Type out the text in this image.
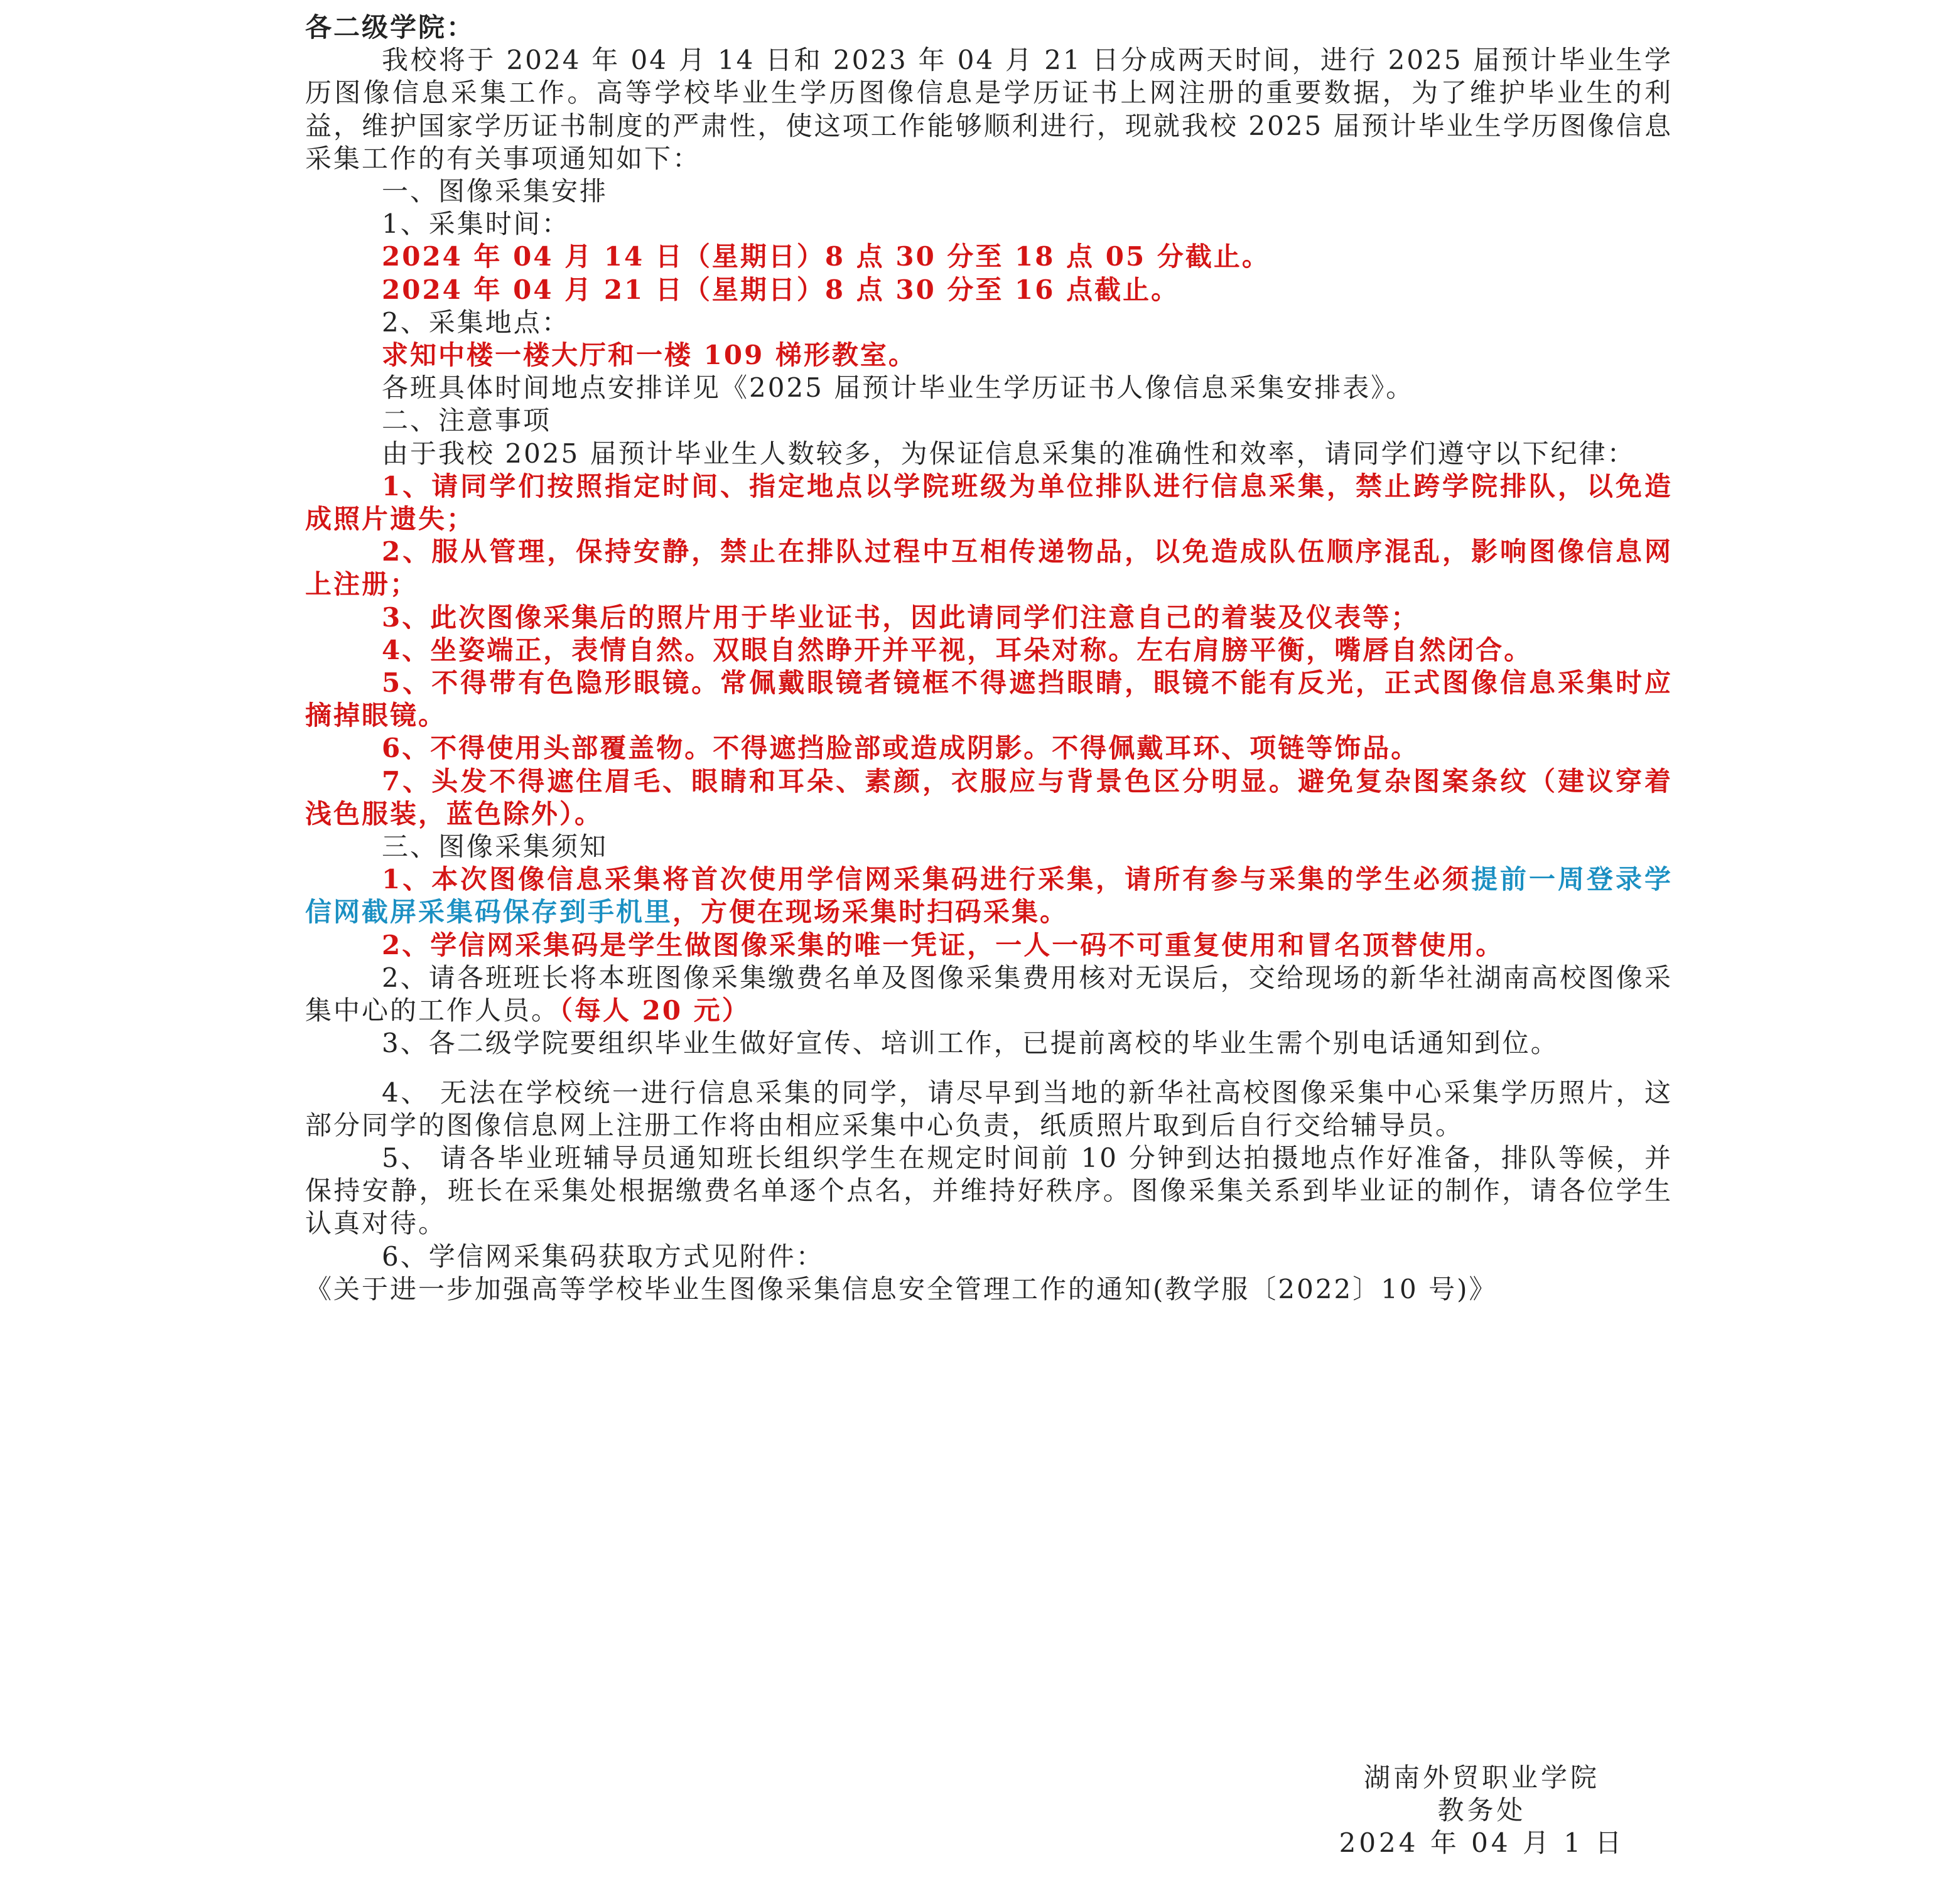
各二级学院：

我校将于 2024 年 04 月 14 日和 2023 年 04 月 21 日分成两天时间，进行 2025 届预计毕业生学历图像信息采集工作。高等学校毕业生学历图像信息是学历证书上网注册的重要数据，为了维护毕业生的利益，维护国家学历证书制度的严肃性，使这项工作能够顺利进行，现就我校 2025 届预计毕业生学历图像信息采集工作的有关事项通知如下：

一、图像采集安排

1、采集时间：

2024 年 04 月 14 日（星期日）8 点 30 分至 18 点 05 分截止。

2024 年 04 月 21 日（星期日）8 点 30 分至 16 点截止。

2、采集地点：

求知中楼一楼大厅和一楼 109 梯形教室。

各班具体时间地点安排详见《2025 届预计毕业生学历证书人像信息采集安排表》。

二、注意事项

由于我校 2025 届预计毕业生人数较多，为保证信息采集的准确性和效率，请同学们遵守以下纪律：

1、请同学们按照指定时间、指定地点以学院班级为单位排队进行信息采集，禁止跨学院排队，以免造成照片遗失；

2、服从管理，保持安静，禁止在排队过程中互相传递物品，以免造成队伍顺序混乱，影响图像信息网上注册；

3、此次图像采集后的照片用于毕业证书，因此请同学们注意自己的着装及仪表等；

4、坐姿端正，表情自然。双眼自然睁开并平视，耳朵对称。左右肩膀平衡，嘴唇自然闭合。

5、不得带有色隐形眼镜。常佩戴眼镜者镜框不得遮挡眼睛，眼镜不能有反光，正式图像信息采集时应摘掉眼镜。

6、不得使用头部覆盖物。不得遮挡脸部或造成阴影。不得佩戴耳环、项链等饰品。

7、头发不得遮住眉毛、眼睛和耳朵、素颜，衣服应与背景色区分明显。避免复杂图案条纹（建议穿着浅色服装，蓝色除外）。

三、图像采集须知

1、本次图像信息采集将首次使用学信网采集码进行采集，请所有参与采集的学生必须提前一周登录学信网截屏采集码保存到手机里，方便在现场采集时扫码采集。

2、学信网采集码是学生做图像采集的唯一凭证，一人一码不可重复使用和冒名顶替使用。

2、请各班班长将本班图像采集缴费名单及图像采集费用核对无误后，交给现场的新华社湖南高校图像采集中心的工作人员。（每人 20 元）

3、各二级学院要组织毕业生做好宣传、培训工作，已提前离校的毕业生需个别电话通知到位。

4、 无法在学校统一进行信息采集的同学，请尽早到当地的新华社高校图像采集中心采集学历照片，这部分同学的图像信息网上注册工作将由相应采集中心负责，纸质照片取到后自行交给辅导员。

5、 请各毕业班辅导员通知班长组织学生在规定时间前 10 分钟到达拍摄地点作好准备，排队等候，并保持安静，班长在采集处根据缴费名单逐个点名，并维持好秩序。图像采集关系到毕业证的制作，请各位学生认真对待。

6、学信网采集码获取方式见附件：

《关于进一步加强高等学校毕业生图像采集信息安全管理工作的通知(教学服〔2022〕10 号)》

湖南外贸职业学院

教务处

2024 年 04 月 1 日
